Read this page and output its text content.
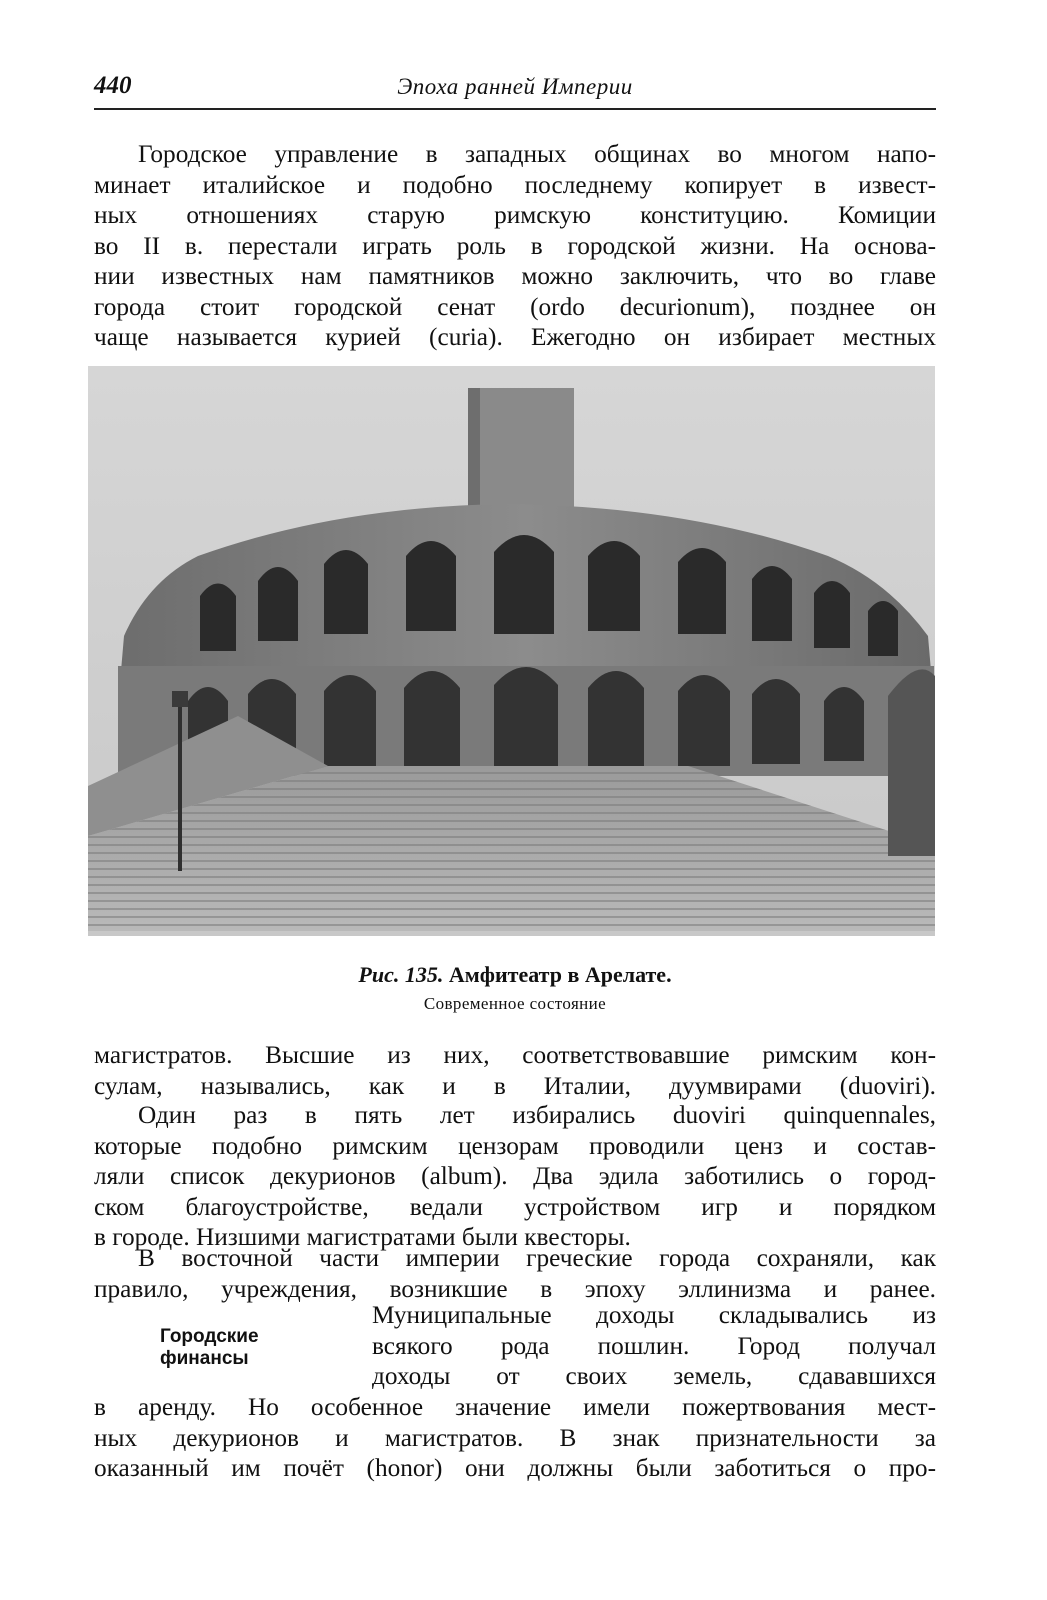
440	Эпоха ранней Империи
Городское управление в западных общинах во многом напо-
минает италийское и подобно последнему копирует в извест-
ных отношениях старую римскую конституцию. Комиции
во II в. перестали играть роль в городской жизни. На основа-
нии известных нам памятников можно заключить, что во главе
города стоит городской сенат (ordo decurionum), позднее он
чаще называется курией (curia). Ежегодно он избирает местных
Рис. 135. Амфитеатр в Арелате.
Современное состояние
магистратов. Высшие из них, соответствовавшие римским кон-
сулам, назывались, как и в Италии, дуумвирами (duoviri).
Один раз в пять лет избирались duoviri quinquennales,
которые подобно римским цензорам проводили ценз и состав-
ляли список декурионов (album). Два эдила заботились о город-
ском благоустройстве, ведали устройством игр и порядком
в городе. Низшими магистратами были квесторы.
В восточной части империи греческие города сохраняли, как
правило, учреждения, возникшие в эпоху эллинизма и ранее.
Городские
финансы
Муниципальные доходы складывались из
всякого рода пошлин. Город получал
доходы от своих земель, сдававшихся
в аренду. Но особенное значение имели пожертвования мест-
ных декурионов и магистратов. В знак признательности за
оказанный им почёт (honor) они должны были заботиться о про-
